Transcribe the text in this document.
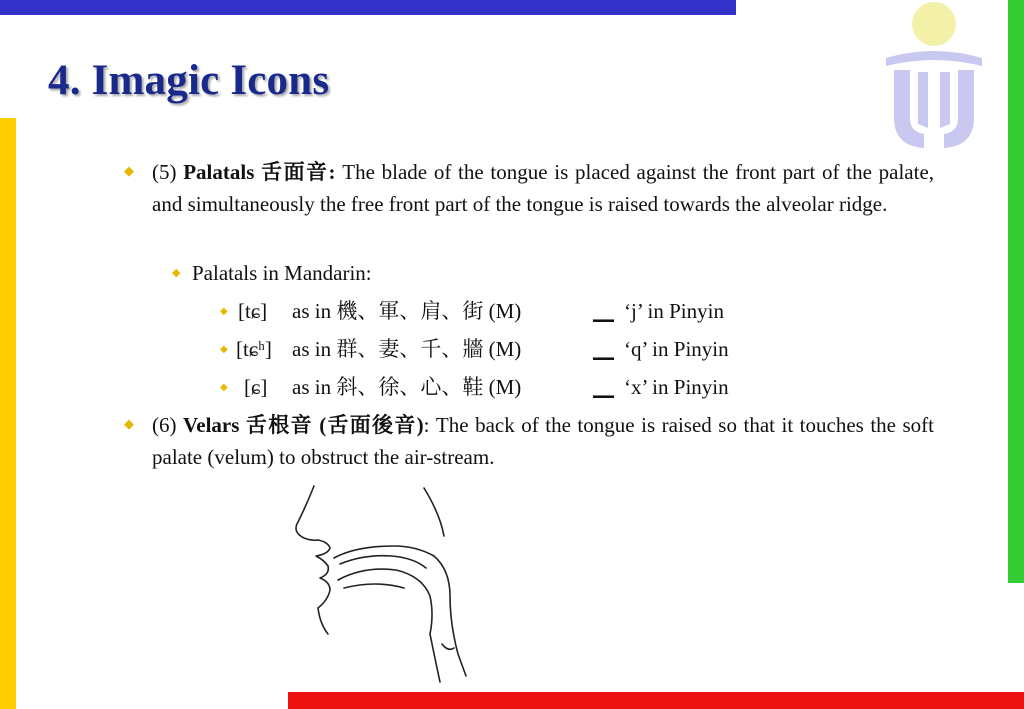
4. Imagic Icons
◆ (5) Palatals 舌面音: The blade of the tongue is placed against the front part of the palate, and simultaneously the free front part of the tongue is raised towards the alveolar ridge.
◆ Palatals in Mandarin:
◆ [tɕ] as in 機、軍、肩、街 (M)	__ ‘j’ in Pinyin
◆ [tɕʰ] as in 群、妻、千、牆 (M)	__ ‘q’ in Pinyin
◆ [ɕ] as in 斜、徐、心、鞋 (M)	__ ‘x’ in Pinyin
◆ (6) Velars 舌根音 (舌面後音): The back of the tongue is raised so that it touches the soft palate (velum) to obstruct the air-stream.
